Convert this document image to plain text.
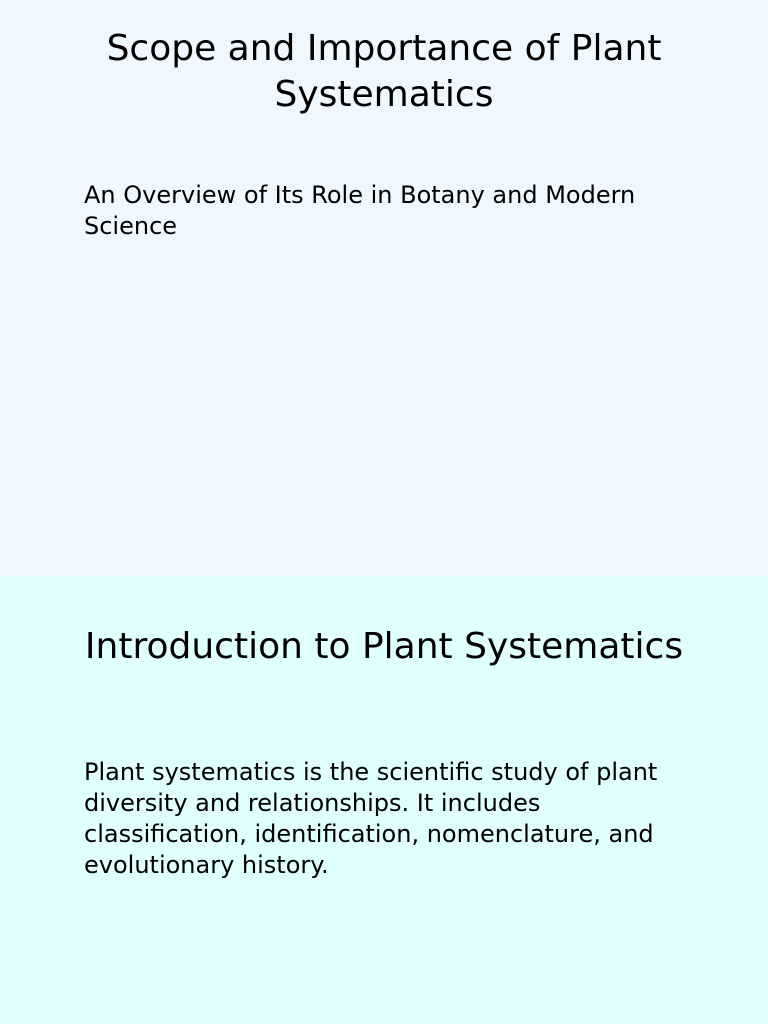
Scope and Importance of Plant Systematics

An Overview of Its Role in Botany and Modern Science

Introduction to Plant Systematics

Plant systematics is the scientific study of plant diversity and relationships. It includes classification, identification, nomenclature, and evolutionary history.
